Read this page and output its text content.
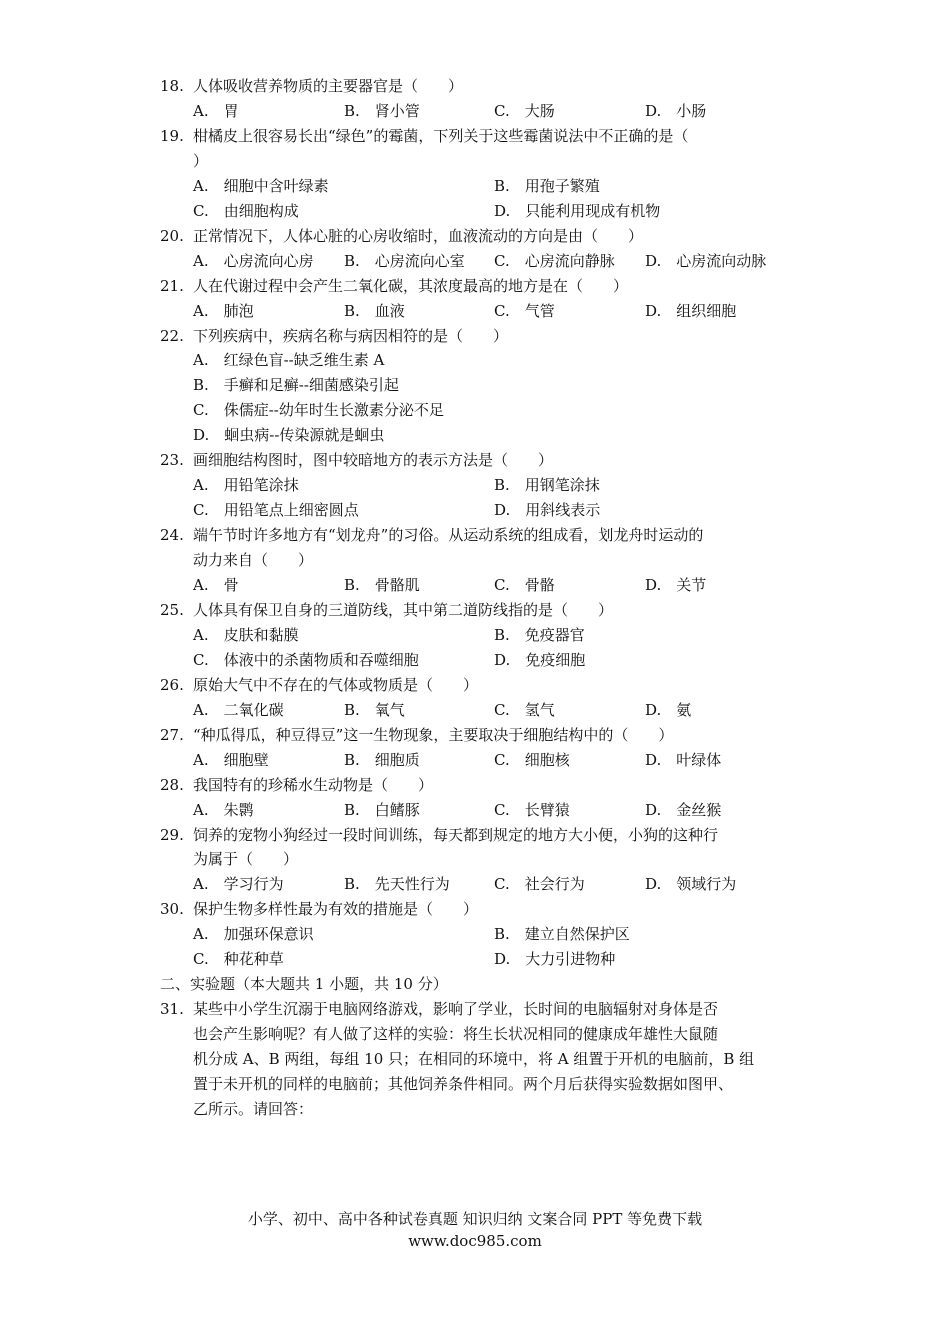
18. 人体吸收营养物质的主要器官是（　　）
A.　胃	B.　肾小管	C.　大肠	D.　小肠
19. 柑橘皮上很容易长出“绿色”的霉菌，下列关于这些霉菌说法中不正确的是（
）
A.　细胞中含叶绿素	B.　用孢子繁殖
C.　由细胞构成	D.　只能利用现成有机物
20. 正常情况下，人体心脏的心房收缩时，血液流动的方向是由（　　）
A.　心房流向心房 B.　心房流向心室 C.　心房流向静脉 D.　心房流向动脉
21. 人在代谢过程中会产生二氧化碳，其浓度最高的地方是在（　　）
A.　肺泡	B.　血液	C.　气管	D.　组织细胞
22. 下列疾病中，疾病名称与病因相符的是（　　）
A.　红绿色盲--缺乏维生素 A
B.　手癣和足癣--细菌感染引起
C.　侏儒症--幼年时生长激素分泌不足
D.　蛔虫病--传染源就是蛔虫
23. 画细胞结构图时，图中较暗地方的表示方法是（　　）
A.　用铅笔涂抹	B.　用钢笔涂抹
C.　用铅笔点上细密圆点	D.　用斜线表示
24. 端午节时许多地方有“划龙舟”的习俗。从运动系统的组成看，划龙舟时运动的
动力来自（　　）
A.　骨	B.　骨骼肌	C.　骨骼	D.　关节
25. 人体具有保卫自身的三道防线，其中第二道防线指的是（　　）
A.　皮肤和黏膜	B.　免疫器官
C.　体液中的杀菌物质和吞噬细胞	D.　免疫细胞
26. 原始大气中不存在的气体或物质是（　　）
A.　二氧化碳	B.　氧气	C.　氢气	D.　氨
27. “种瓜得瓜，种豆得豆”这一生物现象，主要取决于细胞结构中的（　　）
A.　细胞壁	B.　细胞质	C.　细胞核	D.　叶绿体
28. 我国特有的珍稀水生动物是（　　）
A.　朱鹮	B.　白鳍豚	C.　长臂猿	D.　金丝猴
29. 饲养的宠物小狗经过一段时间训练，每天都到规定的地方大小便，小狗的这种行
为属于（　　）
A.　学习行为	B.　先天性行为	C.　社会行为	D.　领域行为
30. 保护生物多样性最为有效的措施是（　　）
A.　加强环保意识	B.　建立自然保护区
C.　种花种草	D.　大力引进物种
二、实验题（本大题共 1 小题，共 10 分）
31. 某些中小学生沉溺于电脑网络游戏，影响了学业，长时间的电脑辐射对身体是否
也会产生影响呢？有人做了这样的实验：将生长状况相同的健康成年雄性大鼠随
机分成 A、B 两组，每组 10 只；在相同的环境中，将 A 组置于开机的电脑前，B 组
置于未开机的同样的电脑前；其他饲养条件相同。两个月后获得实验数据如图甲、
乙所示。请回答：
小学、初中、高中各种试卷真题 知识归纳 文案合同 PPT 等免费下载
www.doc985.com
